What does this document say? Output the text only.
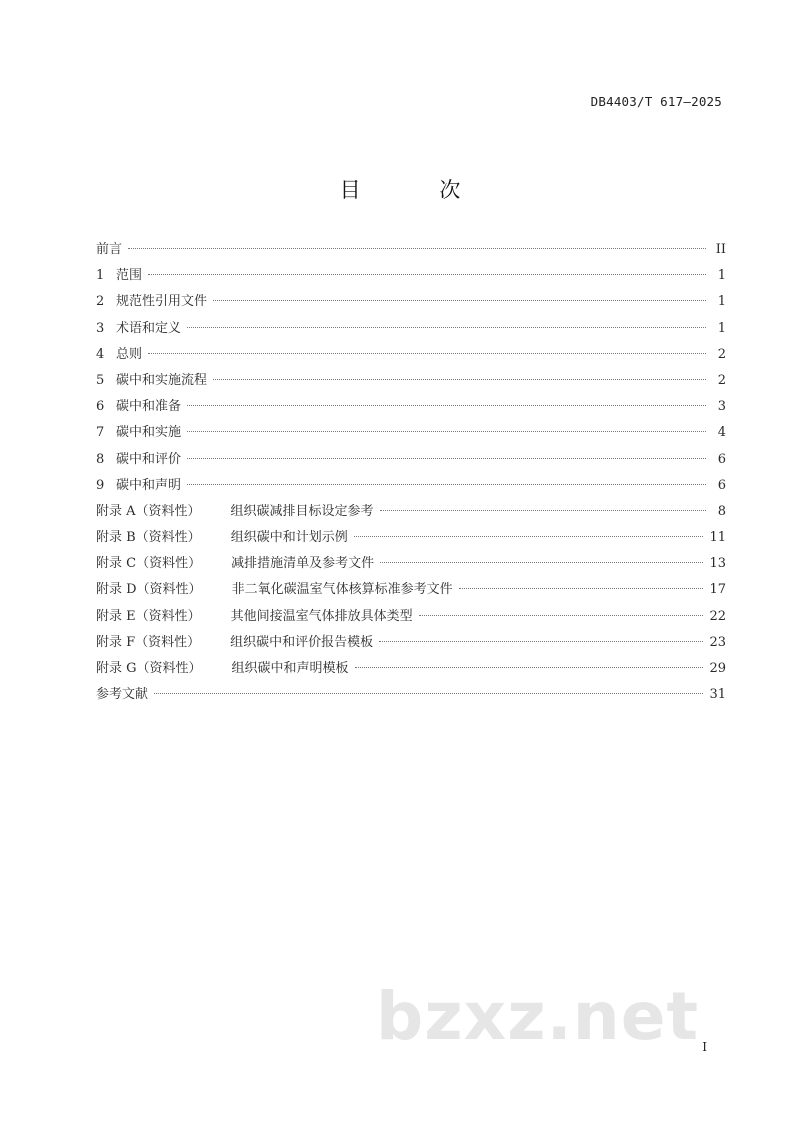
DB4403/T 617—2025
目 次
前言	II
1 范围	1
2 规范性引用文件	1
3 术语和定义	1
4 总则	2
5 碳中和实施流程	2
6 碳中和准备	3
7 碳中和实施	4
8 碳中和评价	6
9 碳中和声明	6
附录 A（资料性） 组织碳减排目标设定参考	8
附录 B（资料性） 组织碳中和计划示例	11
附录 C（资料性） 减排措施清单及参考文件	13
附录 D（资料性） 非二氧化碳温室气体核算标准参考文件	17
附录 E（资料性） 其他间接温室气体排放具体类型	22
附录 F（资料性） 组织碳中和评价报告模板	23
附录 G（资料性） 组织碳中和声明模板	29
参考文献	31
bzxz.net I
